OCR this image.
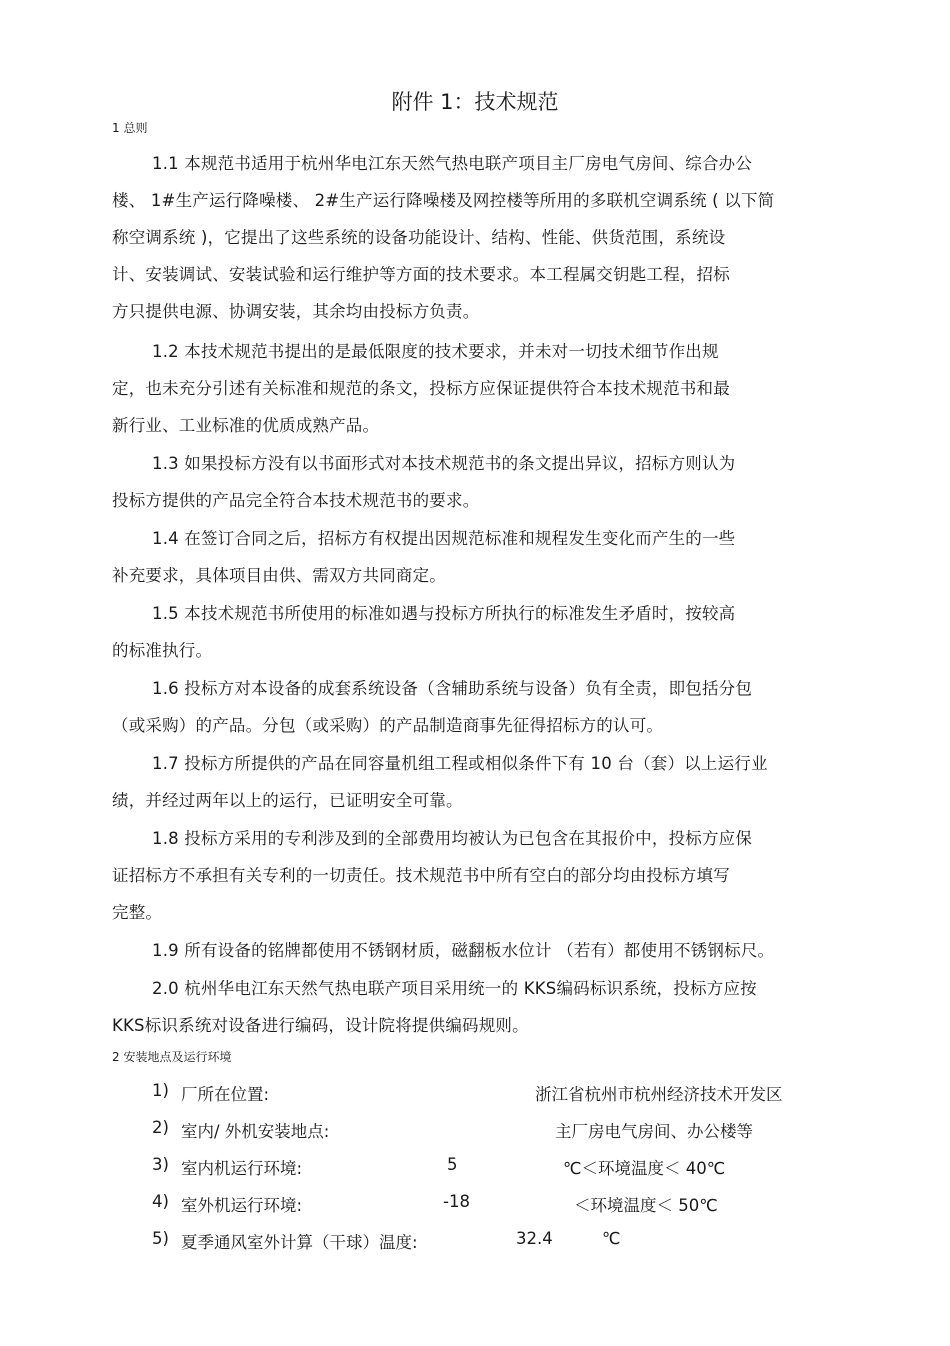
附件 1：技术规范
1 总则
1.1 本规范书适用于杭州华电江东天然气热电联产项目主厂房电气房间、综合办公
楼、 1#生产运行降噪楼、 2#生产运行降噪楼及网控楼等所用的多联机空调系统 ( 以下简
称空调系统 )，它提出了这些系统的设备功能设计、结构、性能、供货范围，系统设
计、安装调试、安装试验和运行维护等方面的技术要求。本工程属交钥匙工程，招标
方只提供电源、协调安装，其余均由投标方负责。
1.2 本技术规范书提出的是最低限度的技术要求，并未对一切技术细节作出规
定，也未充分引述有关标准和规范的条文，投标方应保证提供符合本技术规范书和最
新行业、工业标准的优质成熟产品。
1.3 如果投标方没有以书面形式对本技术规范书的条文提出异议，招标方则认为
投标方提供的产品完全符合本技术规范书的要求。
1.4 在签订合同之后，招标方有权提出因规范标准和规程发生变化而产生的一些
补充要求，具体项目由供、需双方共同商定。
1.5 本技术规范书所使用的标准如遇与投标方所执行的标准发生矛盾时，按较高
的标准执行。
1.6 投标方对本设备的成套系统设备（含辅助系统与设备）负有全责，即包括分包
（或采购）的产品。分包（或采购）的产品制造商事先征得招标方的认可。
1.7 投标方所提供的产品在同容量机组工程或相似条件下有 10 台（套）以上运行业
绩，并经过两年以上的运行，已证明安全可靠。
1.8 投标方采用的专利涉及到的全部费用均被认为已包含在其报价中，投标方应保
证招标方不承担有关专利的一切责任。技术规范书中所有空白的部分均由投标方填写
完整。
1.9 所有设备的铭牌都使用不锈钢材质，磁翻板水位计 （若有）都使用不锈钢标尺。
2.0 杭州华电江东天然气热电联产项目采用统一的 KKS编码标识系统，投标方应按
KKS标识系统对设备进行编码，设计院将提供编码规则。
2 安装地点及运行环境
1) 厂所在位置:	浙江省杭州市杭州经济技术开发区
2) 室内/ 外机安装地点:	主厂房电气房间、办公楼等
3) 室内机运行环境:	5	℃＜环境温度＜ 40℃
4) 室外机运行环境:	-18	＜环境温度＜ 50℃
5) 夏季通风室外计算（干球）温度:	32.4	℃
